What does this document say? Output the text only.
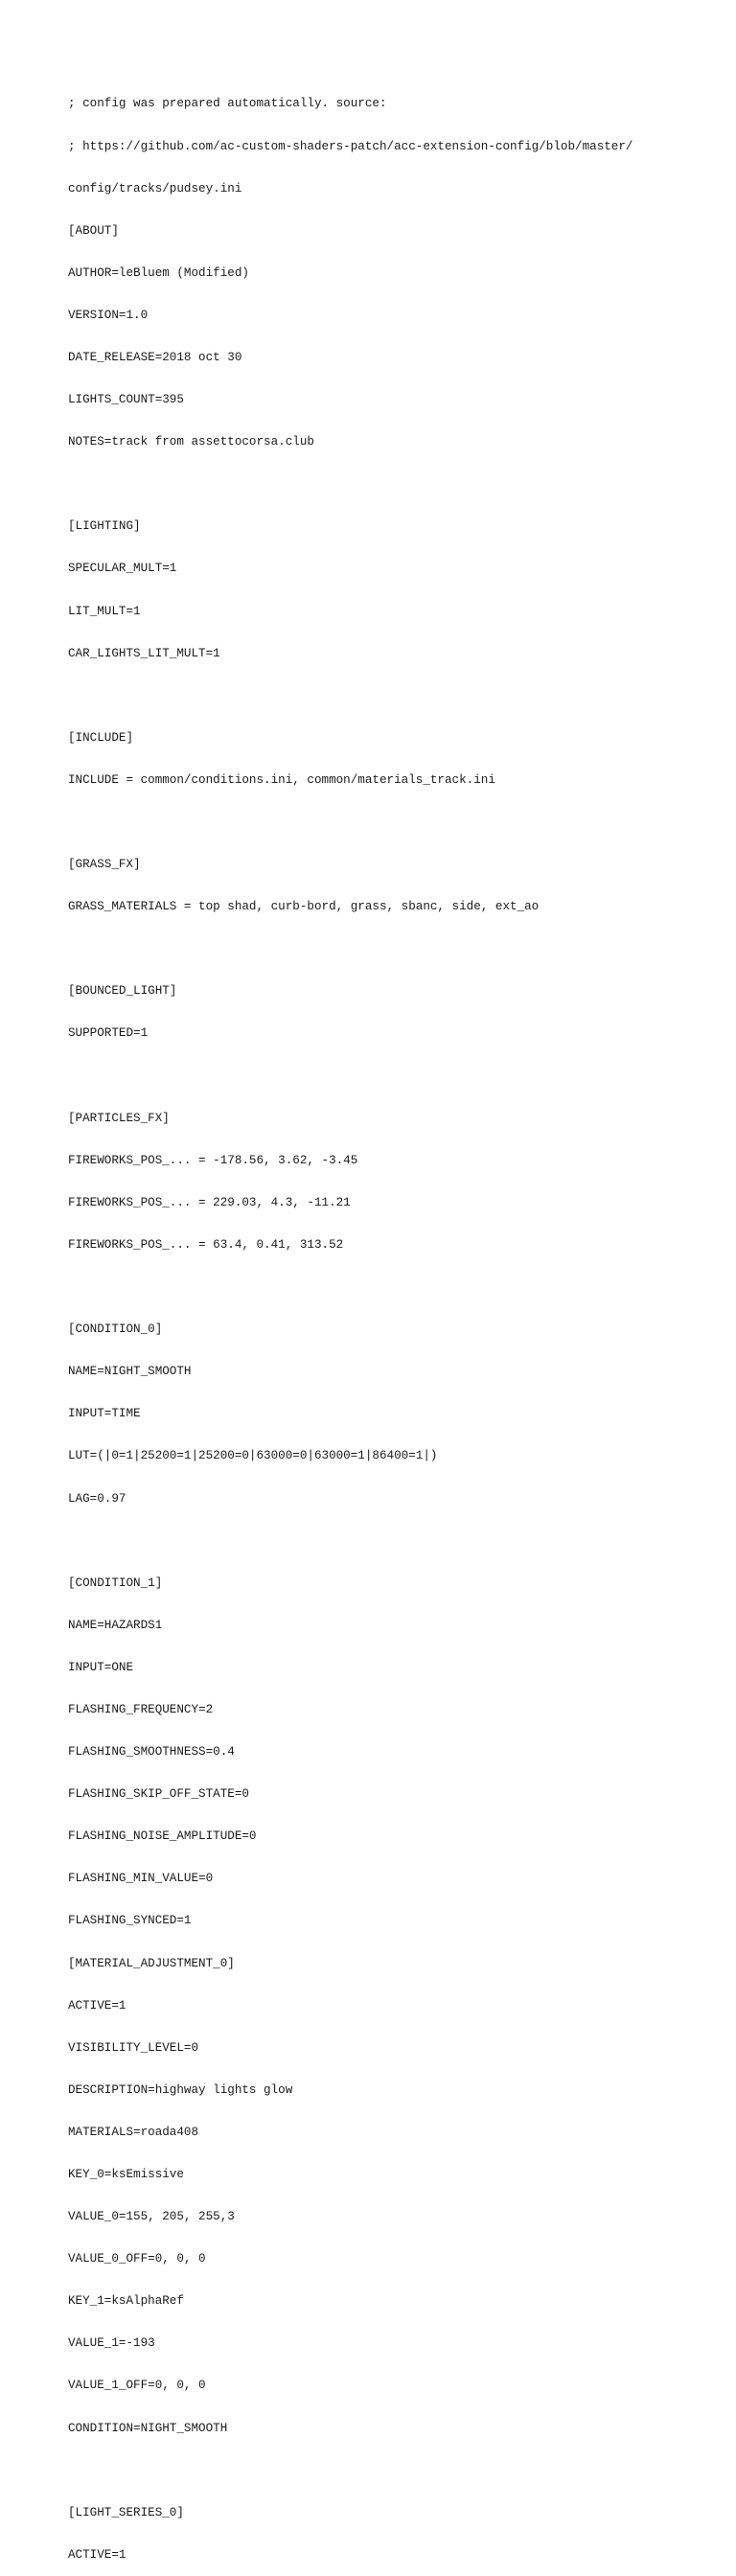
; config was prepared automatically. source:

; https://github.com/ac-custom-shaders-patch/acc-extension-config/blob/master/

config/tracks/pudsey.ini

[ABOUT]

AUTHOR=leBluem (Modified)

VERSION=1.0

DATE_RELEASE=2018 oct 30

LIGHTS_COUNT=395

NOTES=track from assettocorsa.club

[LIGHTING]

SPECULAR_MULT=1

LIT_MULT=1

CAR_LIGHTS_LIT_MULT=1

[INCLUDE]

INCLUDE = common/conditions.ini, common/materials_track.ini

[GRASS_FX]

GRASS_MATERIALS = top shad, curb-bord, grass, sbanc, side, ext_ao

[BOUNCED_LIGHT]

SUPPORTED=1

[PARTICLES_FX]

FIREWORKS_POS_... = -178.56, 3.62, -3.45

FIREWORKS_POS_... = 229.03, 4.3, -11.21

FIREWORKS_POS_... = 63.4, 0.41, 313.52

[CONDITION_0]

NAME=NIGHT_SMOOTH

INPUT=TIME

LUT=(|0=1|25200=1|25200=0|63000=0|63000=1|86400=1|)

LAG=0.97

[CONDITION_1]

NAME=HAZARDS1

INPUT=ONE

FLASHING_FREQUENCY=2

FLASHING_SMOOTHNESS=0.4

FLASHING_SKIP_OFF_STATE=0

FLASHING_NOISE_AMPLITUDE=0

FLASHING_MIN_VALUE=0

FLASHING_SYNCED=1

[MATERIAL_ADJUSTMENT_0]

ACTIVE=1

VISIBILITY_LEVEL=0

DESCRIPTION=highway lights glow

MATERIALS=roada408

KEY_0=ksEmissive

VALUE_0=155, 205, 255,3

VALUE_0_OFF=0, 0, 0

KEY_1=ksAlphaRef

VALUE_1=-193

VALUE_1_OFF=0, 0, 0

CONDITION=NIGHT_SMOOTH

[LIGHT_SERIES_0]

ACTIVE=1
